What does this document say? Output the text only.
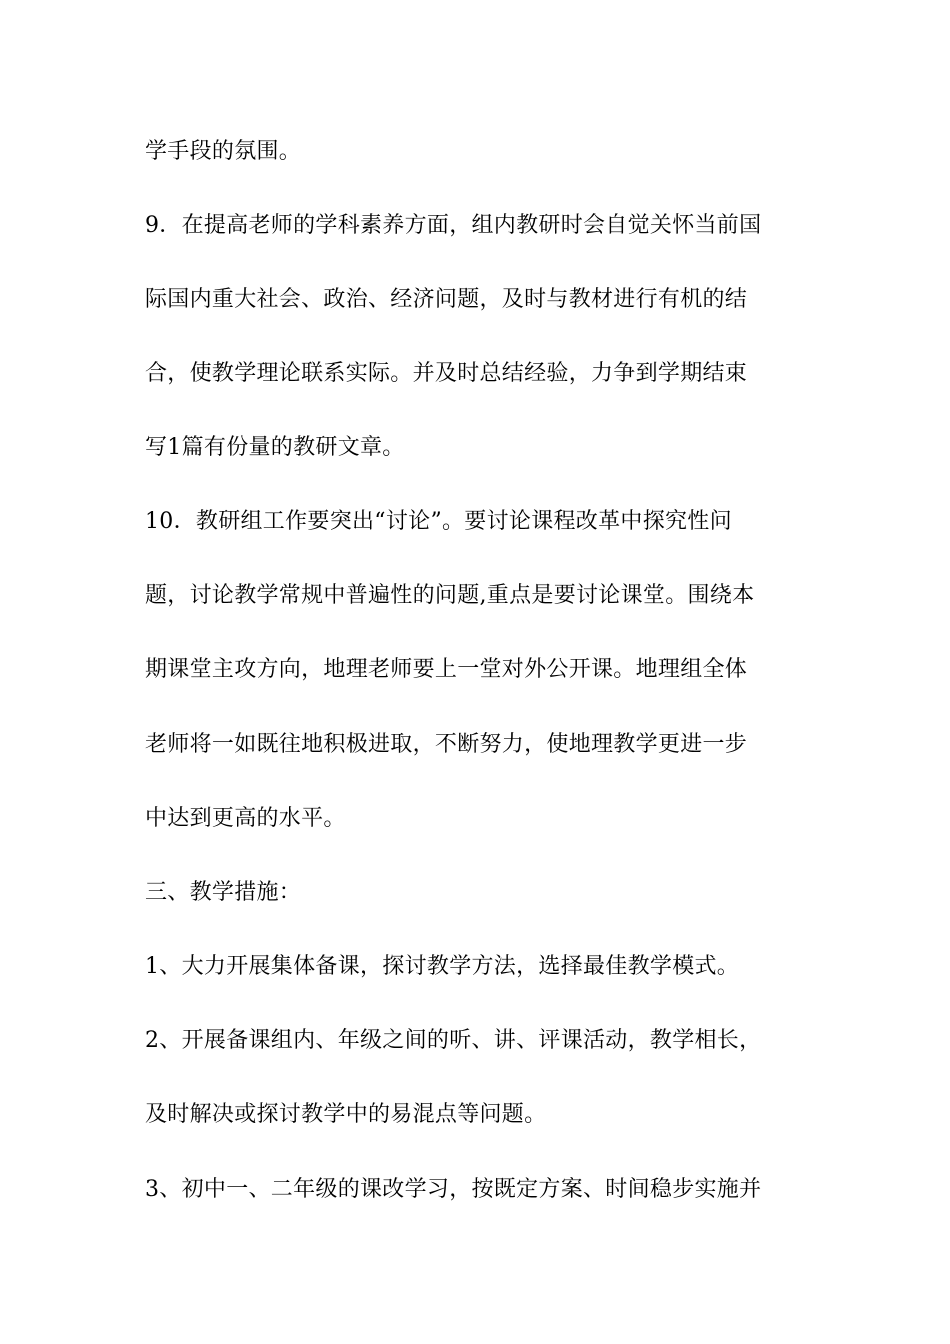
学手段的氛围。
9．在提高老师的学科素养方面，组内教研时会自觉关怀当前国
际国内重大社会、政治、经济问题，及时与教材进行有机的结
合，使教学理论联系实际。并及时总结经验，力争到学期结束
写1篇有份量的教研文章。
10．教研组工作要突出“讨论”。要讨论课程改革中探究性问
题，讨论教学常规中普遍性的问题,重点是要讨论课堂。围绕本
期课堂主攻方向，地理老师要上一堂对外公开课。地理组全体
老师将一如既往地积极进取，不断努力，使地理教学更进一步
中达到更高的水平。
三、教学措施：
1、大力开展集体备课，探讨教学方法，选择最佳教学模式。
2、开展备课组内、年级之间的听、讲、评课活动，教学相长，
及时解决或探讨教学中的易混点等问题。
3、初中一、二年级的课改学习，按既定方案、时间稳步实施并
